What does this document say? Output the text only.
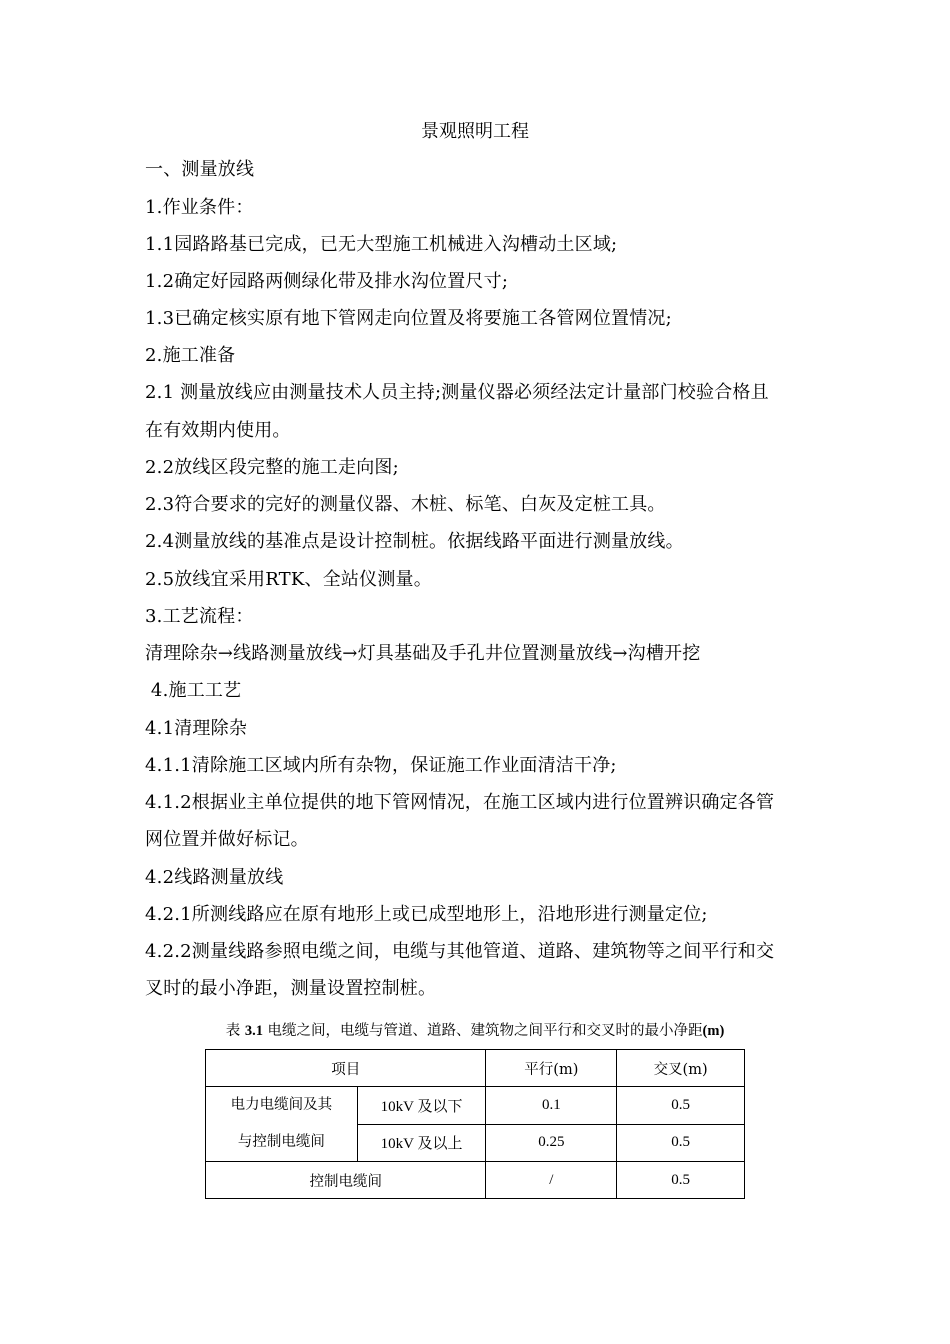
景观照明工程
一、测量放线
1.作业条件：
1.1园路路基已完成，已无大型施工机械进入沟槽动土区域;
1.2确定好园路两侧绿化带及排水沟位置尺寸;
1.3已确定核实原有地下管网走向位置及将要施工各管网位置情况;
2.施工准备
2.1 测量放线应由测量技术人员主持;测量仪器必须经法定计量部门校验合格且
在有效期内使用。
2.2放线区段完整的施工走向图;
2.3符合要求的完好的测量仪器、木桩、标笔、白灰及定桩工具。
2.4测量放线的基准点是设计控制桩。依据线路平面进行测量放线。
2.5放线宜采用RTK、全站仪测量。
3.工艺流程：
清理除杂→线路测量放线→灯具基础及手孔井位置测量放线→沟槽开挖
4.施工工艺
4.1清理除杂
4.1.1清除施工区域内所有杂物，保证施工作业面清洁干净;
4.1.2根据业主单位提供的地下管网情况，在施工区域内进行位置辨识确定各管
网位置并做好标记。
4.2线路测量放线
4.2.1所测线路应在原有地形上或已成型地形上，沿地形进行测量定位;
4.2.2测量线路参照电缆之间，电缆与其他管道、道路、建筑物等之间平行和交
叉时的最小净距，测量设置控制桩。
表 3.1 电缆之间，电缆与管道、道路、建筑物之间平行和交叉时的最小净距(m)
项目		平行(m)	交叉(m)

电力电缆间及其
与控制电缆间	10kV 及以下	0.1	0.5
	10kV 及以上	0.25	0.5
控制电缆间		/	0.5
